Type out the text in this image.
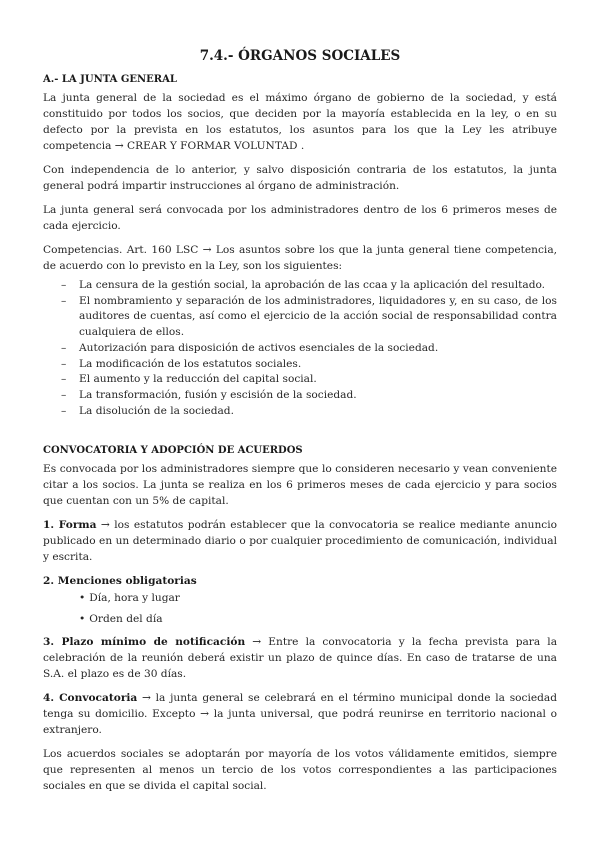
7.4.- ÓRGANOS SOCIALES
A.- LA JUNTA GENERAL

La junta general de la sociedad es el máximo órgano de gobierno de la sociedad, y está constituido por todos los socios, que deciden por la mayoría establecida en la ley, o en su defecto por la prevista en los estatutos, los asuntos para los que la Ley les atribuye competencia → CREAR Y FORMAR VOLUNTAD .

Con independencia de lo anterior, y salvo disposición contraria de los estatutos, la junta general podrá impartir instrucciones al órgano de administración.

La junta general será convocada por los administradores dentro de los 6 primeros meses de cada ejercicio.

Competencias. Art. 160 LSC → Los asuntos sobre los que la junta general tiene competencia, de acuerdo con lo previsto en la Ley, son los siguientes:

– La censura de la gestión social, la aprobación de las ccaa y la aplicación del resultado.
– El nombramiento y separación de los administradores, liquidadores y, en su caso, de los auditores de cuentas, así como el ejercicio de la acción social de responsabilidad contra cualquiera de ellos.
– Autorización para disposición de activos esenciales de la sociedad.
– La modificación de los estatutos sociales.
– El aumento y la reducción del capital social.
– La transformación, fusión y escisión de la sociedad.
– La disolución de la sociedad.
CONVOCATORIA Y ADOPCIÓN DE ACUERDOS

Es convocada por los administradores siempre que lo consideren necesario y vean conveniente citar a los socios. La junta se realiza en los 6 primeros meses de cada ejercicio y para socios que cuentan con un 5% de capital.

1. Forma → los estatutos podrán establecer que la convocatoria se realice mediante anuncio publicado en un determinado diario o por cualquier procedimiento de comunicación, individual y escrita.

2. Menciones obligatorias

• Día, hora y lugar
• Orden del día

3. Plazo mínimo de notificación → Entre la convocatoria y la fecha prevista para la celebración de la reunión deberá existir un plazo de quince días. En caso de tratarse de una S.A. el plazo es de 30 días.

4. Convocatoria → la junta general se celebrará en el término municipal donde la sociedad tenga su domicilio. Excepto → la junta universal, que podrá reunirse en territorio nacional o extranjero.

Los acuerdos sociales se adoptarán por mayoría de los votos válidamente emitidos, siempre que representen al menos un tercio de los votos correspondientes a las participaciones sociales en que se divida el capital social.
